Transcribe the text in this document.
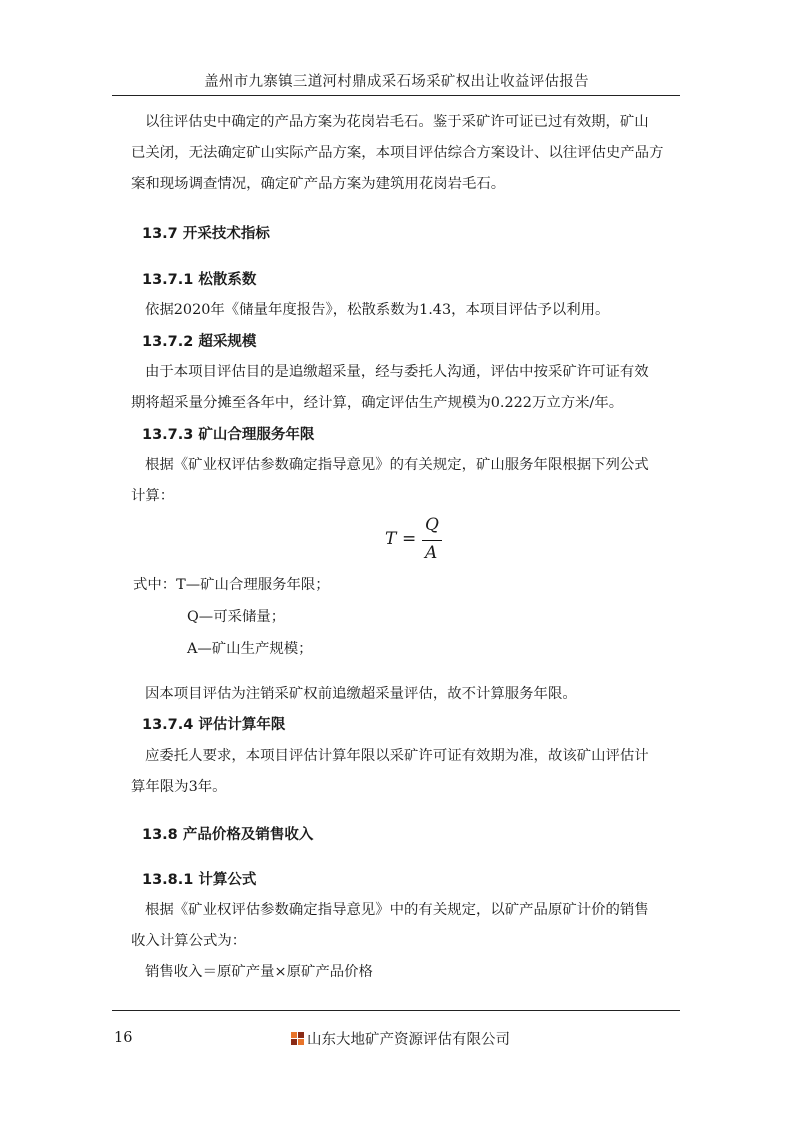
盖州市九寨镇三道河村鼎成采石场采矿权出让收益评估报告
以往评估史中确定的产品方案为花岗岩毛石。鉴于采矿许可证已过有效期，矿山
已关闭，无法确定矿山实际产品方案，本项目评估综合方案设计、以往评估史产品方
案和现场调查情况，确定矿产品方案为建筑用花岗岩毛石。
13.7 开采技术指标
13.7.1 松散系数
依据2020年《储量年度报告》，松散系数为1.43，本项目评估予以利用。
13.7.2 超采规模
由于本项目评估目的是追缴超采量，经与委托人沟通，评估中按采矿许可证有效
期将超采量分摊至各年中，经计算，确定评估生产规模为0.222万立方米/年。
13.7.3 矿山合理服务年限
根据《矿业权评估参数确定指导意见》的有关规定，矿山服务年限根据下列公式
计算：
式中：T—矿山合理服务年限；
Q—可采储量；
A—矿山生产规模；
因本项目评估为注销采矿权前追缴超采量评估，故不计算服务年限。
13.7.4 评估计算年限
应委托人要求，本项目评估计算年限以采矿许可证有效期为准，故该矿山评估计
算年限为3年。
13.8 产品价格及销售收入
13.8.1 计算公式
根据《矿业权评估参数确定指导意见》中的有关规定，以矿产品原矿计价的销售
收入计算公式为：
销售收入＝原矿产量×原矿产品价格
T =
Q
A
16	山东大地矿产资源评估有限公司
